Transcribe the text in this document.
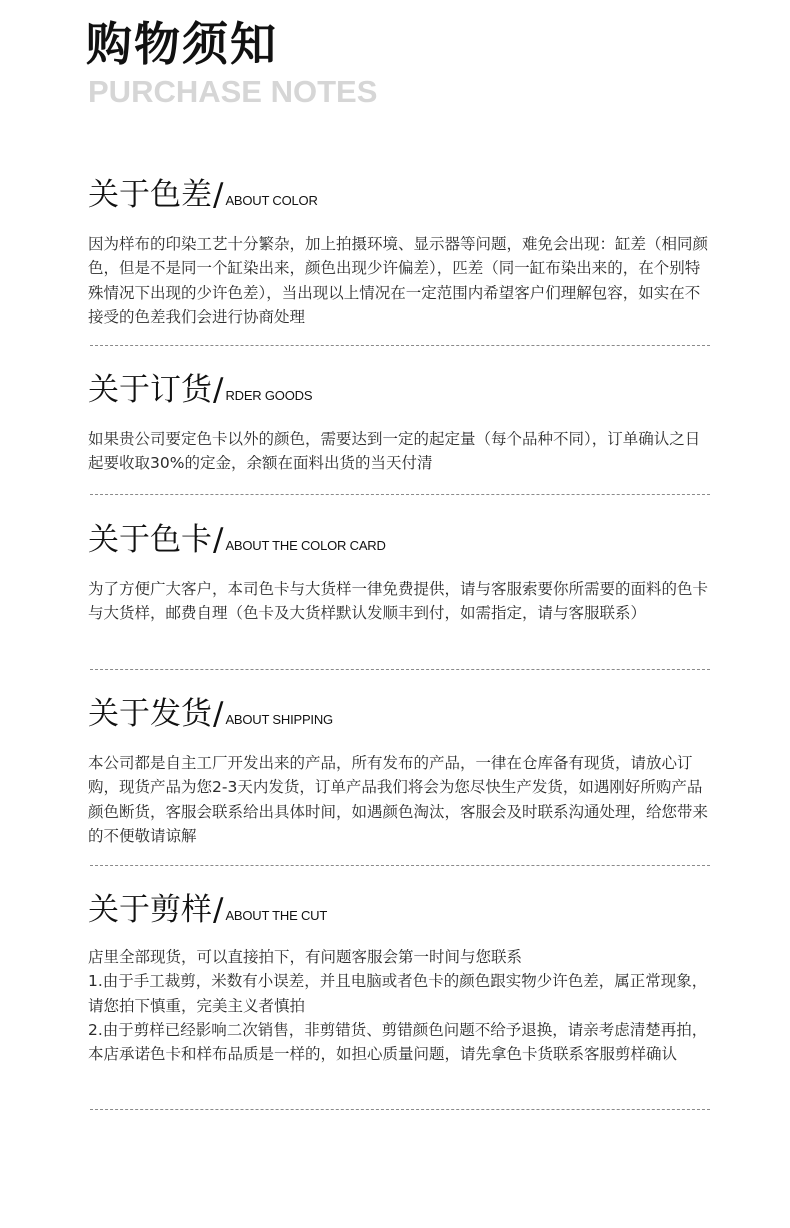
购物须知
PURCHASE NOTES
关于色差/ ABOUT COLOR

因为样布的印染工艺十分繁杂，加上拍摄环境、显示器等问题，难免会出现：缸差（相同颜色，但是不是同一个缸染出来，颜色出现少许偏差），匹差（同一缸布染出来的，在个别特殊情况下出现的少许色差），当出现以上情况在一定范围内希望客户们理解包容，如实在不接受的色差我们会进行协商处理

关于订货/ RDER GOODS

如果贵公司要定色卡以外的颜色，需要达到一定的起定量（每个品种不同），订单确认之日起要收取30%的定金，余额在面料出货的当天付清

关于色卡/ ABOUT THE COLOR CARD

为了方便广大客户，本司色卡与大货样一律免费提供，请与客服索要你所需要的面料的色卡与大货样，邮费自理（色卡及大货样默认发顺丰到付，如需指定，请与客服联系）

关于发货/ ABOUT SHIPPING

本公司都是自主工厂开发出来的产品，所有发布的产品，一律在仓库备有现货，请放心订购，现货产品为您2-3天内发货，订单产品我们将会为您尽快生产发货，如遇刚好所购产品颜色断货，客服会联系给出具体时间，如遇颜色淘汰，客服会及时联系沟通处理，给您带来的不便敬请谅解

关于剪样/ ABOUT THE CUT

店里全部现货，可以直接拍下，有问题客服会第一时间与您联系

1.由于手工裁剪，米数有小误差，并且电脑或者色卡的颜色跟实物少许色差，属正常现象，请您拍下慎重，完美主义者慎拍

2.由于剪样已经影响二次销售，非剪错货、剪错颜色问题不给予退换，请亲考虑清楚再拍，本店承诺色卡和样布品质是一样的，如担心质量问题，请先拿色卡货联系客服剪样确认
